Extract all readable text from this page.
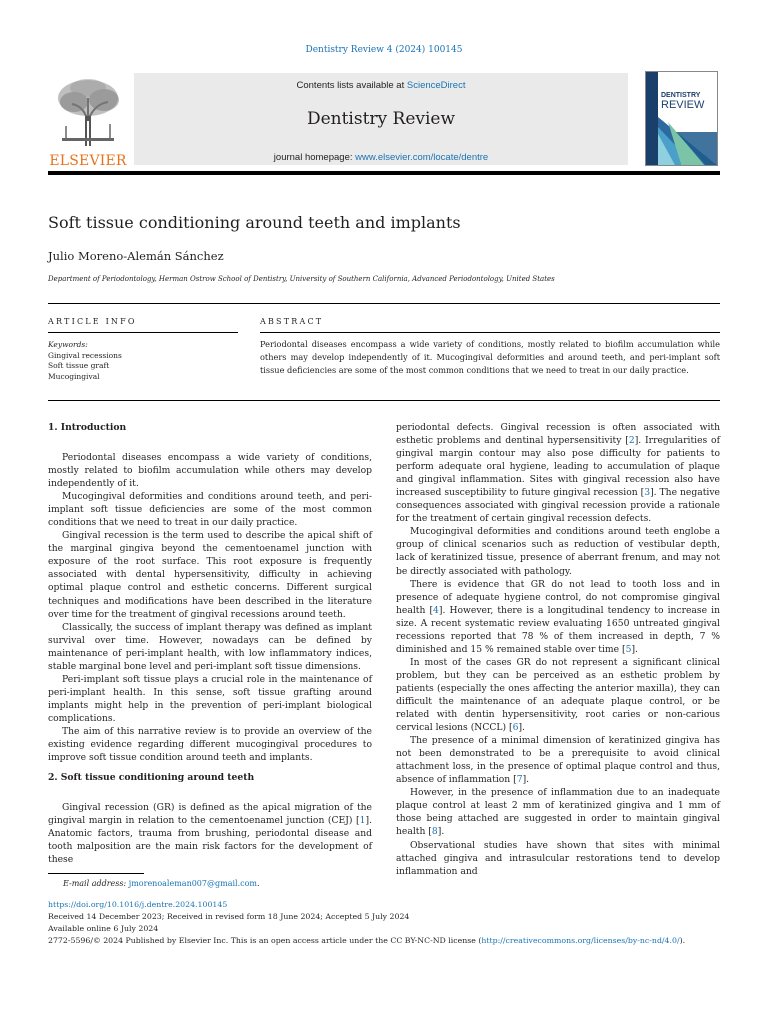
Dentistry Review 4 (2024) 100145
ELSEVIER
Contents lists available at ScienceDirect
Dentistry Review
journal homepage: www.elsevier.com/locate/dentre
DENTISTRY
REVIEW
Soft tissue conditioning around teeth and implants
Julio Moreno-Alemán Sánchez
Department of Periodontology, Herman Ostrow School of Dentistry, University of Southern California, Advanced Periodontology, United States
ARTICLE INFO	ABSTRACT
Keywords:
Gingival recessions
Soft tissue graft
Mucogingival
Periodontal diseases encompass a wide variety of conditions, mostly related to biofilm accumulation while others may develop independently of it. Mucogingival deformities and around teeth, and peri-implant soft tissue deficiencies are some of the most common conditions that we need to treat in our daily practice.
1. Introduction

Periodontal diseases encompass a wide variety of conditions, mostly related to biofilm accumulation while others may develop independently of it.

Mucogingival deformities and conditions around teeth, and peri-implant soft tissue deficiencies are some of the most common conditions that we need to treat in our daily practice.

Gingival recession is the term used to describe the apical shift of the marginal gingiva beyond the cementoenamel junction with exposure of the root surface. This root exposure is frequently associated with dental hypersensitivity, difficulty in achieving optimal plaque control and esthetic concerns. Different surgical techniques and modifications have been described in the literature over time for the treatment of gingival recessions around teeth.

Classically, the success of implant therapy was defined as implant survival over time. However, nowadays can be defined by maintenance of peri-implant health, with low inflammatory indices, stable marginal bone level and peri-implant soft tissue dimensions.

Peri-implant soft tissue plays a crucial role in the maintenance of peri-implant health. In this sense, soft tissue grafting around implants might help in the prevention of peri-implant biological complications.

The aim of this narrative review is to provide an overview of the existing evidence regarding different mucogingival procedures to improve soft tissue condition around teeth and implants.

2. Soft tissue conditioning around teeth

Gingival recession (GR) is defined as the apical migration of the gingival margin in relation to the cementoenamel junction (CEJ) [1]. Anatomic factors, trauma from brushing, periodontal disease and tooth malposition are the main risk factors for the development of these

periodontal defects. Gingival recession is often associated with esthetic problems and dentinal hypersensitivity [2]. Irregularities of gingival margin contour may also pose difficulty for patients to perform adequate oral hygiene, leading to accumulation of plaque and gingival inflammation. Sites with gingival recession also have increased susceptibility to future gingival recession [3]. The negative consequences associated with gingival recession provide a rationale for the treatment of certain gingival recession defects.

Mucogingival deformities and conditions around teeth englobe a group of clinical scenarios such as reduction of vestibular depth, lack of keratinized tissue, presence of aberrant frenum, and may not be directly associated with pathology.

There is evidence that GR do not lead to tooth loss and in presence of adequate hygiene control, do not compromise gingival health [4]. However, there is a longitudinal tendency to increase in size. A recent systematic review evaluating 1650 untreated gingival recessions reported that 78 % of them increased in depth, 7 % diminished and 15 % remained stable over time [5].

In most of the cases GR do not represent a significant clinical problem, but they can be perceived as an esthetic problem by patients (especially the ones affecting the anterior maxilla), they can difficult the maintenance of an adequate plaque control, or be related with dentin hypersensitivity, root caries or non-carious cervical lesions (NCCL) [6].

The presence of a minimal dimension of keratinized gingiva has not been demonstrated to be a prerequisite to avoid clinical attachment loss, in the presence of optimal plaque control and thus, absence of inflammation [7].

However, in the presence of inflammation due to an inadequate plaque control at least 2 mm of keratinized gingiva and 1 mm of those being attached are suggested in order to maintain gingival health [8].

Observational studies have shown that sites with minimal attached gingiva and intrasulcular restorations tend to develop inflammation and

E-mail address: jmorenoaleman007@gmail.com.
https://doi.org/10.1016/j.dentre.2024.100145
Received 14 December 2023; Received in revised form 18 June 2024; Accepted 5 July 2024
Available online 6 July 2024
2772-5596/© 2024 Published by Elsevier Inc. This is an open access article under the CC BY-NC-ND license (http://creativecommons.org/licenses/by-nc-nd/4.0/).
